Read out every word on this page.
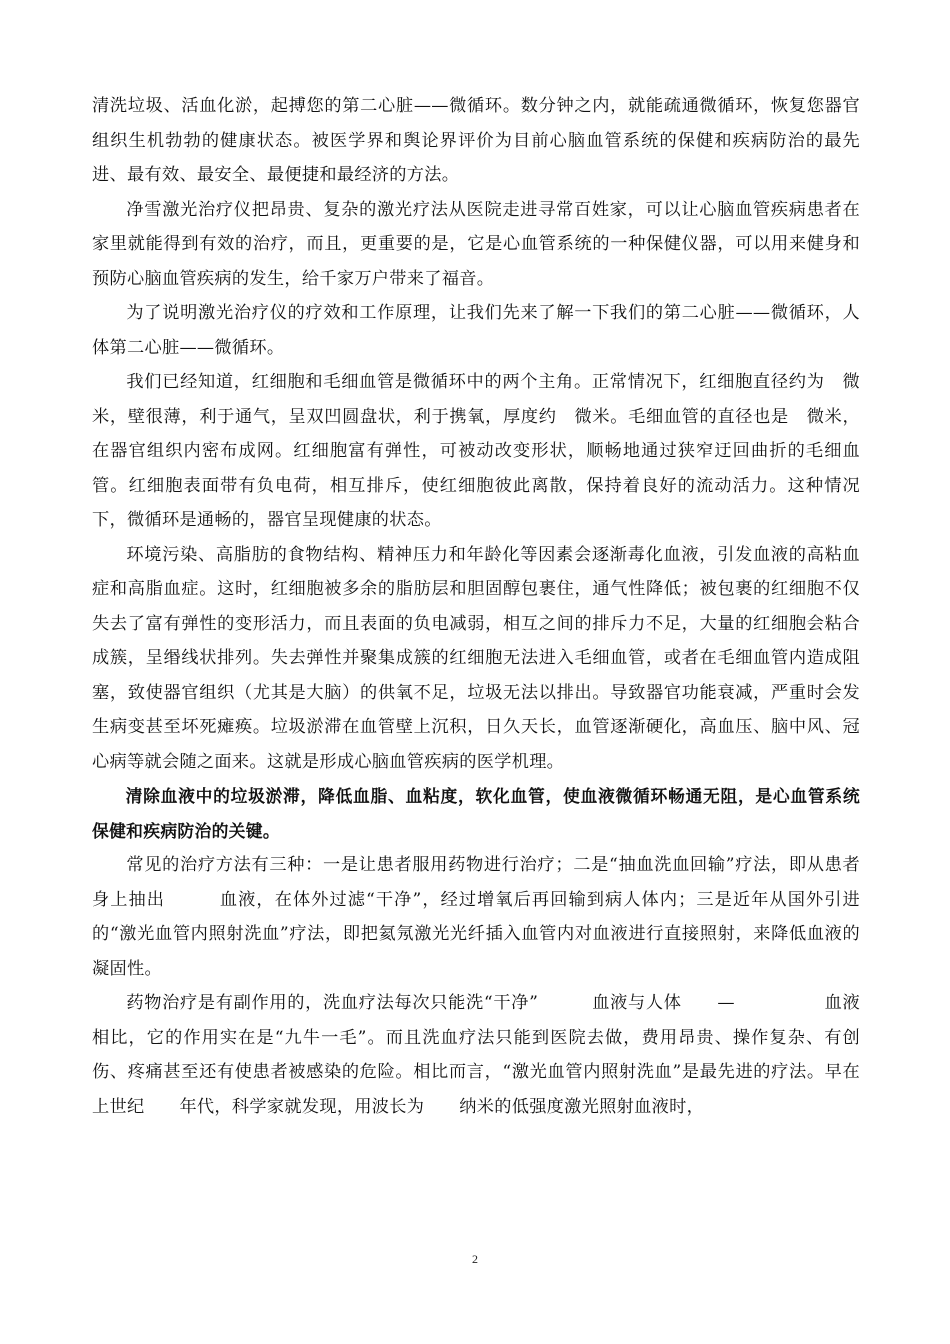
清洗垃圾、活血化淤，起搏您的第二心脏——微循环。数分钟之内，就能疏通微循环，恢复您器官组织生机勃勃的健康状态。被医学界和舆论界评价为目前心脑血管系统的保健和疾病防治的最先进、最有效、最安全、最便捷和最经济的方法。

净雪激光治疗仪把昂贵、复杂的激光疗法从医院走进寻常百姓家，可以让心脑血管疾病患者在家里就能得到有效的治疗，而且，更重要的是，它是心血管系统的一种保健仪器，可以用来健身和预防心脑血管疾病的发生，给千家万户带来了福音。

为了说明激光治疗仪的疗效和工作原理，让我们先来了解一下我们的第二心脏——微循环，人体第二心脏——微循环。

我们已经知道，红细胞和毛细血管是微循环中的两个主角。正常情况下，红细胞直径约为　微米，壁很薄，利于通气，呈双凹圆盘状，利于携氧，厚度约　微米。毛细血管的直径也是　微米，在器官组织内密布成网。红细胞富有弹性，可被动改变形状，顺畅地通过狭窄迂回曲折的毛细血管。红细胞表面带有负电荷，相互排斥，使红细胞彼此离散，保持着良好的流动活力。这种情况下，微循环是通畅的，器官呈现健康的状态。

环境污染、高脂肪的食物结构、精神压力和年龄化等因素会逐渐毒化血液，引发血液的高粘血症和高脂血症。这时，红细胞被多余的脂肪层和胆固醇包裹住，通气性降低；被包裹的红细胞不仅失去了富有弹性的变形活力，而且表面的负电减弱，相互之间的排斥力不足，大量的红细胞会粘合成簇，呈缗线状排列。失去弹性并聚集成簇的红细胞无法进入毛细血管，或者在毛细血管内造成阻塞，致使器官组织（尤其是大脑）的供氧不足，垃圾无法以排出。导致器官功能衰减，严重时会发生病变甚至坏死瘫痪。垃圾淤滞在血管壁上沉积，日久天长，血管逐渐硬化，高血压、脑中风、冠心病等就会随之面来。这就是形成心脑血管疾病的医学机理。

清除血液中的垃圾淤滞，降低血脂、血粘度，软化血管，使血液微循环畅通无阻，是心血管系统保健和疾病防治的关键。

常见的治疗方法有三种：一是让患者服用药物进行治疗；二是“抽血洗血回输”疗法，即从患者身上抽出　　　血液，在体外过滤“干净”，经过增氧后再回输到病人体内；三是近年从国外引进的“激光血管内照射洗血”疗法，即把氦氖激光光纤插入血管内对血液进行直接照射，来降低血液的凝固性。

药物治疗是有副作用的，洗血疗法每次只能洗“干净”　　　血液与人体　　—　　　　　血液相比，它的作用实在是“九牛一毛”。而且洗血疗法只能到医院去做，费用昂贵、操作复杂、有创伤、疼痛甚至还有使患者被感染的危险。相比而言，“激光血管内照射洗血”是最先进的疗法。早在上世纪　　年代，科学家就发现，用波长为　　纳米的低强度激光照射血液时，

2
